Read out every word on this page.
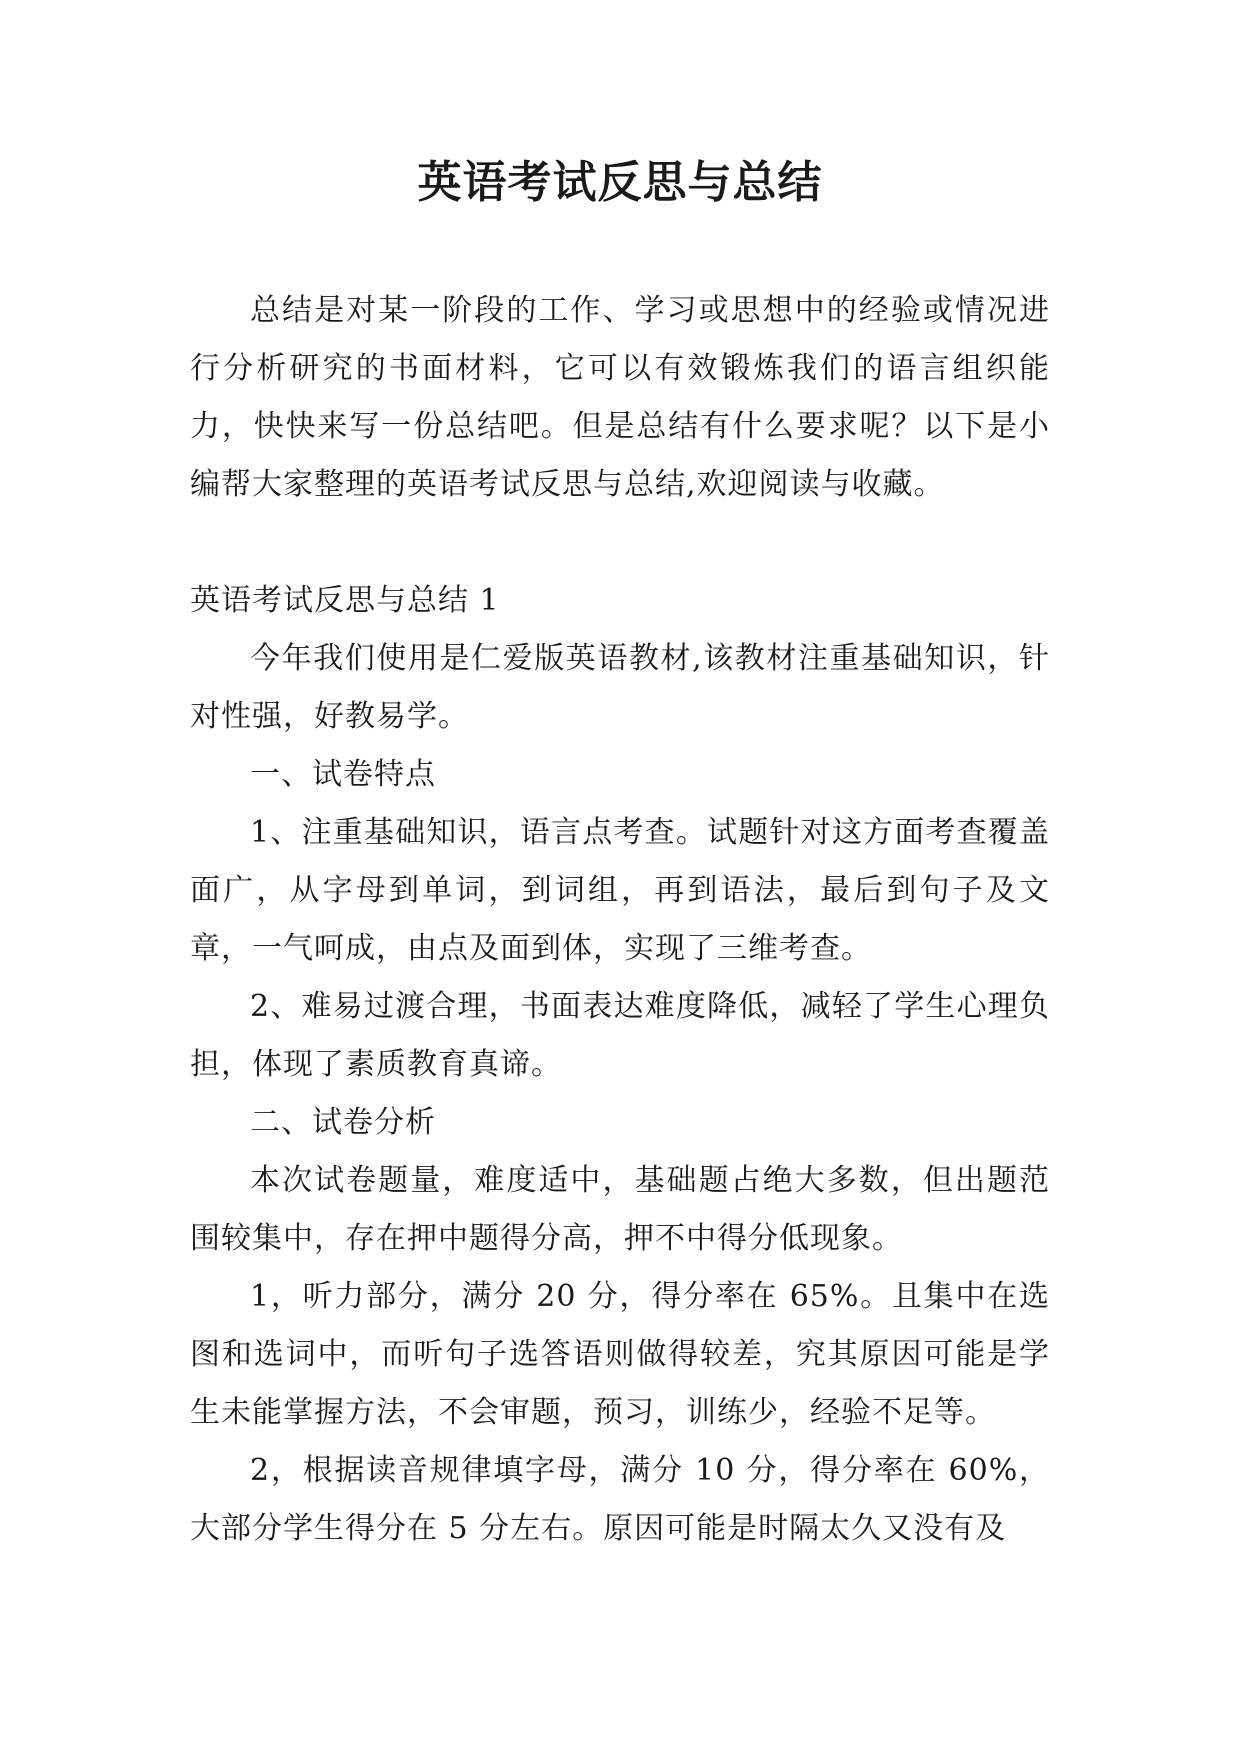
英语考试反思与总结

总结是对某一阶段的工作、学习或思想中的经验或情况进行分析研究的书面材料，它可以有效锻炼我们的语言组织能力，快快来写一份总结吧。但是总结有什么要求呢？以下是小编帮大家整理的英语考试反思与总结,欢迎阅读与收藏。

英语考试反思与总结 1

今年我们使用是仁爱版英语教材,该教材注重基础知识，针对性强，好教易学。

一、试卷特点

1、注重基础知识，语言点考查。试题针对这方面考查覆盖面广，从字母到单词，到词组，再到语法，最后到句子及文章，一气呵成，由点及面到体，实现了三维考查。

2、难易过渡合理，书面表达难度降低，减轻了学生心理负担，体现了素质教育真谛。

二、试卷分析

本次试卷题量，难度适中，基础题占绝大多数，但出题范围较集中，存在押中题得分高，押不中得分低现象。

1，听力部分，满分 20 分，得分率在 65%。且集中在选图和选词中，而听句子选答语则做得较差，究其原因可能是学生未能掌握方法，不会审题，预习，训练少，经验不足等。

2，根据读音规律填字母，满分 10 分，得分率在 60%，大部分学生得分在 5 分左右。原因可能是时隔太久又没有及
